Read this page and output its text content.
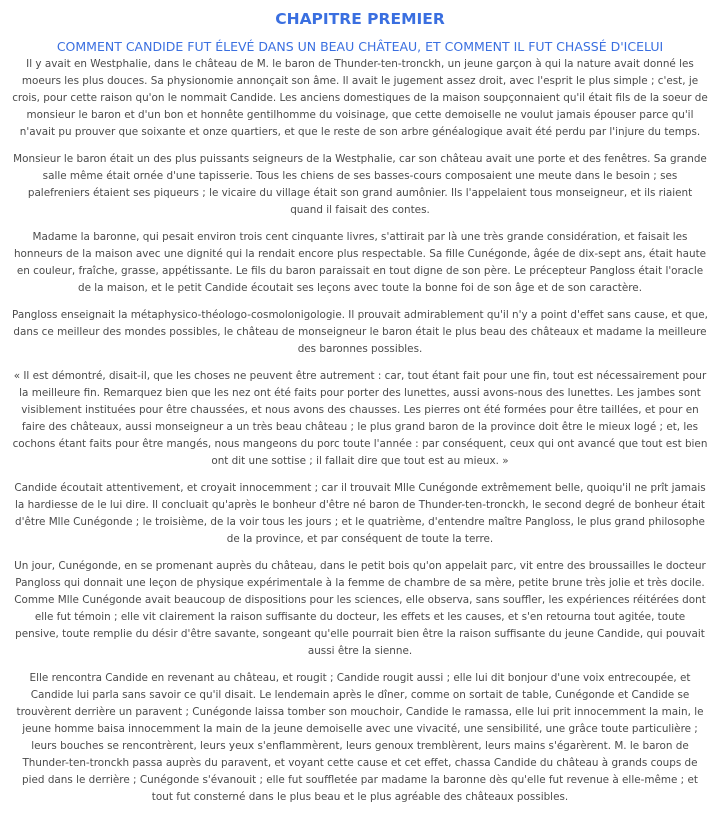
CHAPITRE PREMIER
COMMENT CANDIDE FUT ÉLEVÉ DANS UN BEAU CHÂTEAU, ET COMMENT IL FUT CHASSÉ D'ICELUI

Il y avait en Westphalie, dans le château de M. le baron de Thunder-ten-tronckh, un jeune garçon à qui la nature avait donné les moeurs les plus douces. Sa physionomie annonçait son âme. Il avait le jugement assez droit, avec l'esprit le plus simple ; c'est, je crois, pour cette raison qu'on le nommait Candide. Les anciens domestiques de la maison soupçonnaient qu'il était fils de la soeur de monsieur le baron et d'un bon et honnête gentilhomme du voisinage, que cette demoiselle ne voulut jamais épouser parce qu'il n'avait pu prouver que soixante et onze quartiers, et que le reste de son arbre généalogique avait été perdu par l'injure du temps.

Monsieur le baron était un des plus puissants seigneurs de la Westphalie, car son château avait une porte et des fenêtres. Sa grande salle même était ornée d'une tapisserie. Tous les chiens de ses basses-cours composaient une meute dans le besoin ; ses palefreniers étaient ses piqueurs ; le vicaire du village était son grand aumônier. Ils l'appelaient tous monseigneur, et ils riaient quand il faisait des contes.

Madame la baronne, qui pesait environ trois cent cinquante livres, s'attirait par là une très grande considération, et faisait les honneurs de la maison avec une dignité qui la rendait encore plus respectable. Sa fille Cunégonde, âgée de dix-sept ans, était haute en couleur, fraîche, grasse, appétissante. Le fils du baron paraissait en tout digne de son père. Le précepteur Pangloss était l'oracle de la maison, et le petit Candide écoutait ses leçons avec toute la bonne foi de son âge et de son caractère.

Pangloss enseignait la métaphysico-théologo-cosmolonigologie. Il prouvait admirablement qu'il n'y a point d'effet sans cause, et que, dans ce meilleur des mondes possibles, le château de monseigneur le baron était le plus beau des châteaux et madame la meilleure des baronnes possibles.

« Il est démontré, disait-il, que les choses ne peuvent être autrement : car, tout étant fait pour une fin, tout est nécessairement pour la meilleure fin. Remarquez bien que les nez ont été faits pour porter des lunettes, aussi avons-nous des lunettes. Les jambes sont visiblement instituées pour être chaussées, et nous avons des chausses. Les pierres ont été formées pour être taillées, et pour en faire des châteaux, aussi monseigneur a un très beau château ; le plus grand baron de la province doit être le mieux logé ; et, les cochons étant faits pour être mangés, nous mangeons du porc toute l'année : par conséquent, ceux qui ont avancé que tout est bien ont dit une sottise ; il fallait dire que tout est au mieux. »

Candide écoutait attentivement, et croyait innocemment ; car il trouvait Mlle Cunégonde extrêmement belle, quoiqu'il ne prît jamais la hardiesse de le lui dire. Il concluait qu'après le bonheur d'être né baron de Thunder-ten-tronckh, le second degré de bonheur était d'être Mlle Cunégonde ; le troisième, de la voir tous les jours ; et le quatrième, d'entendre maître Pangloss, le plus grand philosophe de la province, et par conséquent de toute la terre.

Un jour, Cunégonde, en se promenant auprès du château, dans le petit bois qu'on appelait parc, vit entre des broussailles le docteur Pangloss qui donnait une leçon de physique expérimentale à la femme de chambre de sa mère, petite brune très jolie et très docile. Comme Mlle Cunégonde avait beaucoup de dispositions pour les sciences, elle observa, sans souffler, les expériences réitérées dont elle fut témoin ; elle vit clairement la raison suffisante du docteur, les effets et les causes, et s'en retourna tout agitée, toute pensive, toute remplie du désir d'être savante, songeant qu'elle pourrait bien être la raison suffisante du jeune Candide, qui pouvait aussi être la sienne.

Elle rencontra Candide en revenant au château, et rougit ; Candide rougit aussi ; elle lui dit bonjour d'une voix entrecoupée, et Candide lui parla sans savoir ce qu'il disait. Le lendemain après le dîner, comme on sortait de table, Cunégonde et Candide se trouvèrent derrière un paravent ; Cunégonde laissa tomber son mouchoir, Candide le ramassa, elle lui prit innocemment la main, le jeune homme baisa innocemment la main de la jeune demoiselle avec une vivacité, une sensibilité, une grâce toute particulière ; leurs bouches se rencontrèrent, leurs yeux s'enflammèrent, leurs genoux tremblèrent, leurs mains s'égarèrent. M. le baron de Thunder-ten-tronckh passa auprès du paravent, et voyant cette cause et cet effet, chassa Candide du château à grands coups de pied dans le derrière ; Cunégonde s'évanouit ; elle fut souffletée par madame la baronne dès qu'elle fut revenue à elle-même ; et tout fut consterné dans le plus beau et le plus agréable des châteaux possibles.
